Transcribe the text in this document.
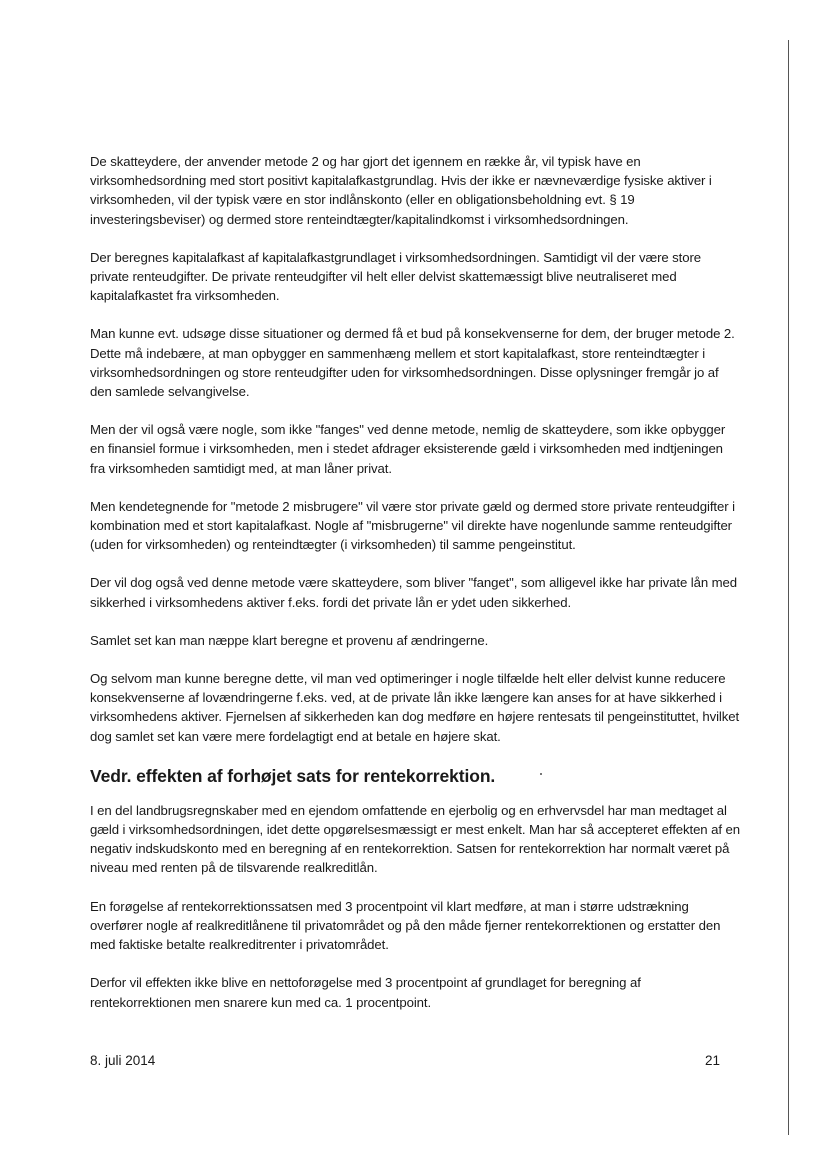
De skatteydere, der anvender metode 2 og har gjort det igennem en række år, vil typisk have en virksomhedsordning med stort positivt kapitalafkastgrundlag. Hvis der ikke er nævneværdige fysiske aktiver i virksomheden, vil der typisk være en stor indlånskonto (eller en obligationsbeholdning evt. § 19 investeringsbeviser) og dermed store renteindtægter/kapitalindkomst i virksomhedsordningen.

Der beregnes kapitalafkast af kapitalafkastgrundlaget i virksomhedsordningen. Samtidigt vil der være store private renteudgifter. De private renteudgifter vil helt eller delvist skattemæssigt blive neutraliseret med kapitalafkastet fra virksomheden.

Man kunne evt. udsøge disse situationer og dermed få et bud på konsekvenserne for dem, der bruger metode 2. Dette må indebære, at man opbygger en sammenhæng mellem et stort kapitalafkast, store renteindtægter i virksomhedsordningen og store renteudgifter uden for virksomhedsordningen. Disse oplysninger fremgår jo af den samlede selvangivelse.

Men der vil også være nogle, som ikke "fanges" ved denne metode, nemlig de skatteydere, som ikke opbygger en finansiel formue i virksomheden, men i stedet afdrager eksisterende gæld i virksomheden med indtjeningen fra virksomheden samtidigt med, at man låner privat.

Men kendetegnende for "metode 2 misbrugere" vil være stor private gæld og dermed store private renteudgifter i kombination med et stort kapitalafkast. Nogle af "misbrugerne" vil direkte have nogenlunde samme renteudgifter (uden for virksomheden) og renteindtægter (i virksomheden) til samme pengeinstitut.

Der vil dog også ved denne metode være skatteydere, som bliver "fanget", som alligevel ikke har private lån med sikkerhed i virksomhedens aktiver f.eks. fordi det private lån er ydet uden sikkerhed.

Samlet set kan man næppe klart beregne et provenu af ændringerne.

Og selvom man kunne beregne dette, vil man ved optimeringer i nogle tilfælde helt eller delvist kunne reducere konsekvenserne af lovændringerne f.eks. ved, at de private lån ikke længere kan anses for at have sikkerhed i virksomhedens aktiver. Fjernelsen af sikkerheden kan dog medføre en højere rentesats til pengeinstituttet, hvilket dog samlet set kan være mere fordelagtigt end at betale en højere skat.

Vedr. effekten af forhøjet sats for rentekorrektion.

I en del landbrugsregnskaber med en ejendom omfattende en ejerbolig og en erhvervsdel har man medtaget al gæld i virksomhedsordningen, idet dette opgørelsesmæssigt er mest enkelt. Man har så accepteret effekten af en negativ indskudskonto med en beregning af en rentekorrektion. Satsen for rentekorrektion har normalt været på niveau med renten på de tilsvarende realkreditlån.

En forøgelse af rentekorrektionssatsen med 3 procentpoint vil klart medføre, at man i større udstrækning overfører nogle af realkreditlånene til privatområdet og på den måde fjerner rentekorrektionen og erstatter den med faktiske betalte realkreditrenter i privatområdet.

Derfor vil effekten ikke blive en nettoforøgelse med 3 procentpoint af grundlaget for beregning af rentekorrektionen men snarere kun med ca. 1 procentpoint.

8. juli 2014	21
